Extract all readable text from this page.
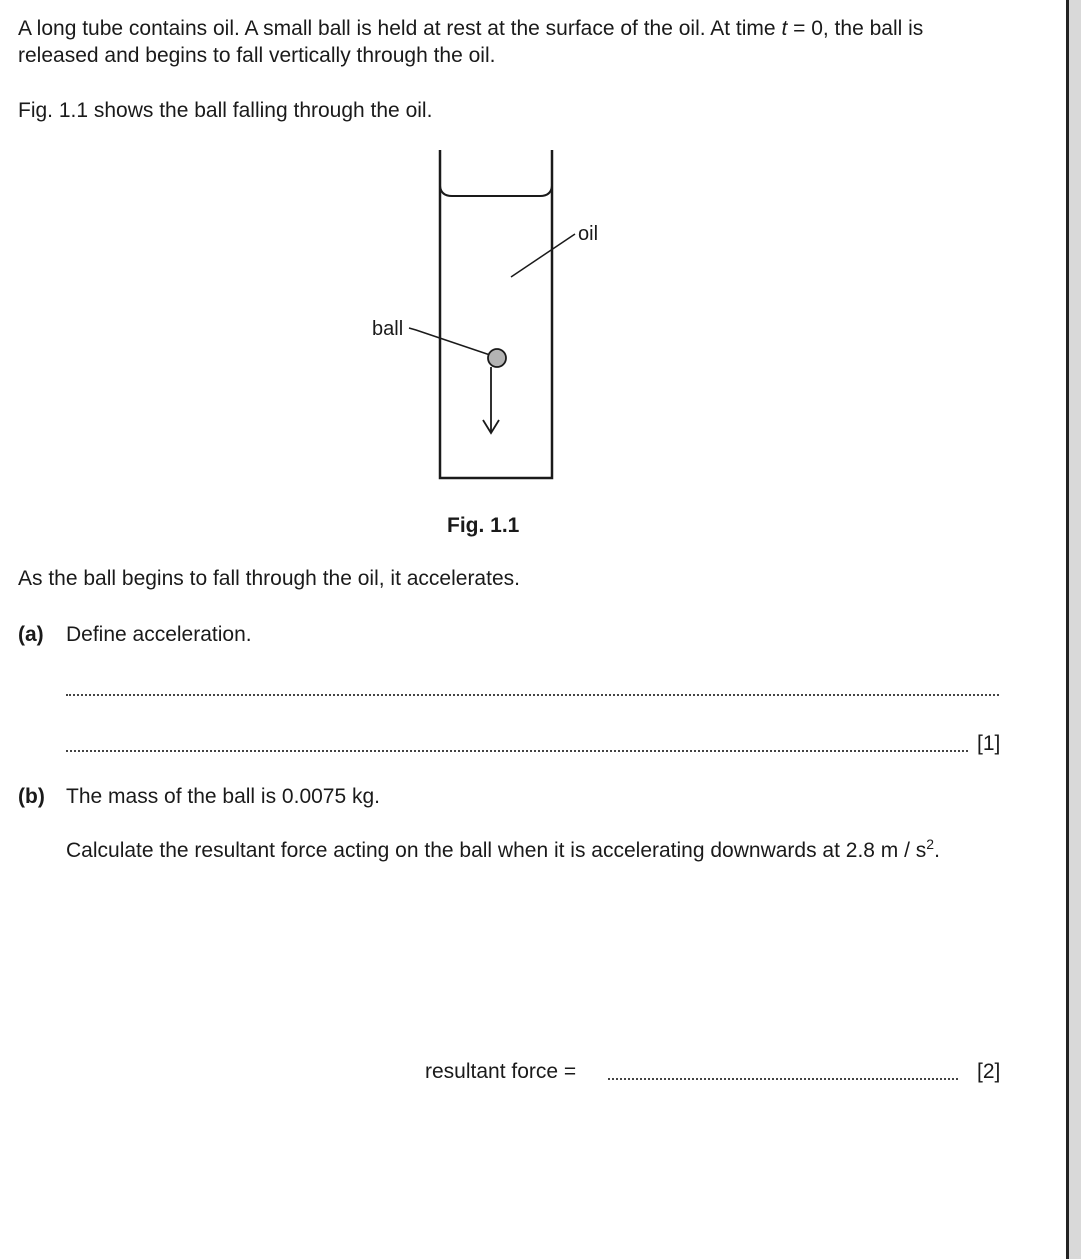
A long tube contains oil. A small ball is held at rest at the surface of the oil. At time t = 0, the ball is
released and begins to fall vertically through the oil.
Fig. 1.1 shows the ball falling through the oil.
oil
ball
Fig. 1.1
As the ball begins to fall through the oil, it accelerates.
(a) Define acceleration.
[1]
(b) The mass of the ball is 0.0075 kg.
Calculate the resultant force acting on the ball when it is accelerating downwards at 2.8 m / $s^2$.
resultant force =	[2]
